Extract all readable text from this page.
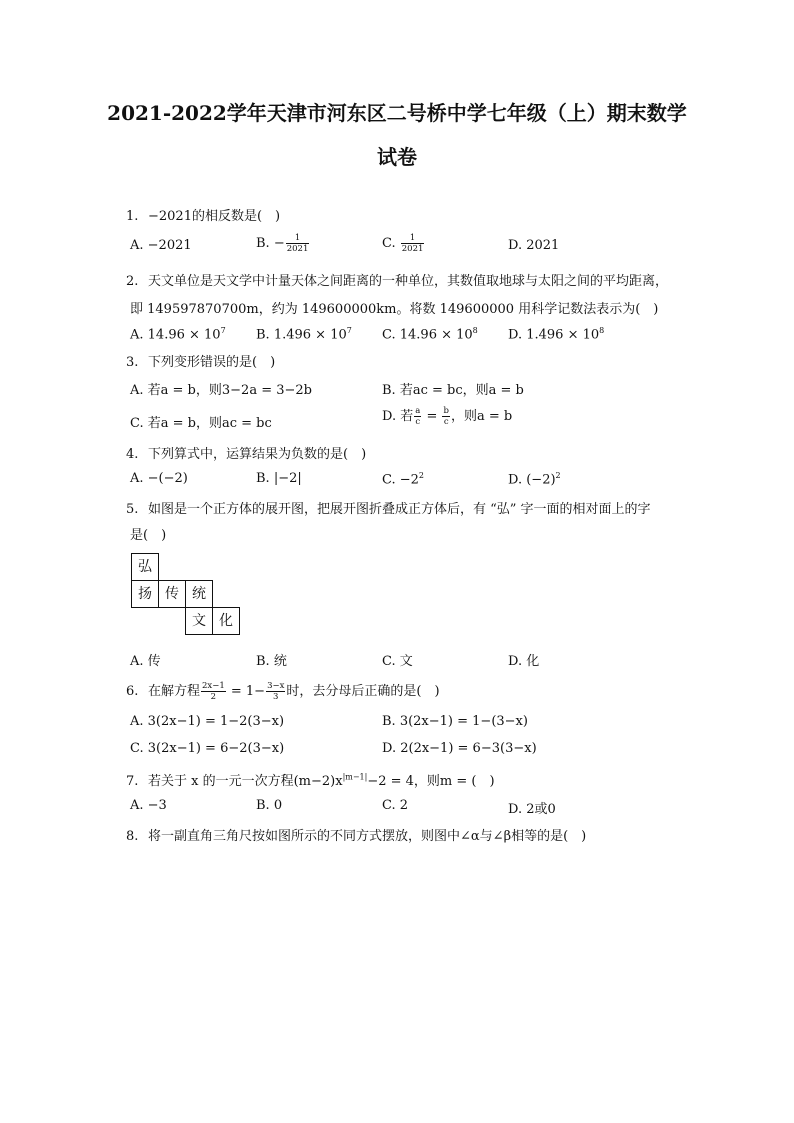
2021-2022学年天津市河东区二号桥中学七年级（上）期末数学
试卷
1. −2021的相反数是(　)
A. −2021	B. − $\frac{1}{2021}$	C. $\frac{1}{2021}$	D. 2021
2. 天文单位是天文学中计量天体之间距离的一种单位，其数值取地球与太阳之间的平均距离，
即 149597870700m，约为 149600000km。将数 149600000 用科学记数法表示为(　)
A. $14.96 \times 10^7$ B. $1.496 \times 10^7$ C. $14.96 \times 10^8$ D. $1.496 \times 10^8$
3. 下列变形错误的是(　)
A. 若a = b，则3−2a = 3−2b	B. 若ac = bc，则a = b
C. 若a = b，则ac = bc	D. 若 $\frac{a}{c} = \frac{b}{c}$ ，则a = b
4. 下列算式中，运算结果为负数的是(　)
A. −(−2)	B. |−2|	C. $-2^2$	D. $(-2)^2$
5. 如图是一个正方体的展开图，把展开图折叠成正方体后，有 “弘” 字一面的相对面上的字
是(　)
弘
扬 传 统
文 化
A. 传	B. 统	C. 文	D. 化
6. 在解方程 $\frac{2x-1}{2} = 1- \frac{3-x}{3}$ 时，去分母后正确的是(　)
A. 3(2x−1) = 1−2(3−x)	B. 3(2x−1) = 1−(3−x)
C. 3(2x−1) = 6−2(3−x)	D. 2(2x−1) = 6−3(3−x)
7. 若关于 x 的一元一次方程$(m-2)x^{|m-1|}-2 = 4$，则m = (　)
A. −3	B. 0	C. 2	D. 2或0
8. 将一副直角三角尺按如图所示的不同方式摆放，则图中∠α与∠β相等的是(　)
